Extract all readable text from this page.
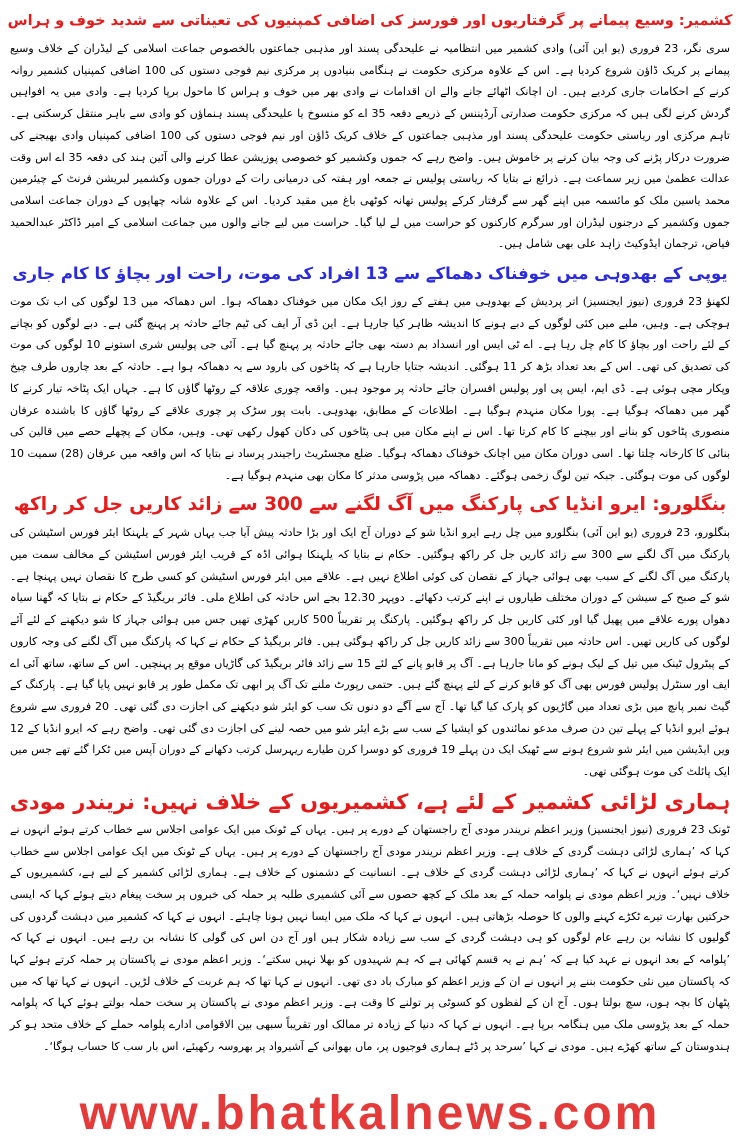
کشمیر: وسیع پیمانے پر گرفتاریوں اور فورسز کی اضافی کمپنیوں کی تعیناتی سے شدید خوف و ہراس

سری نگر، 23 فروری (یو این آئی) وادی کشمیر میں انتظامیہ نے علیحدگی پسند اور مذہبی جماعتوں بالخصوص جماعت اسلامی کے لیڈران کے خلاف وسیع پیمانے پر کریک ڈاؤن شروع کردیا ہے۔ اس کے علاوہ مرکزی حکومت نے ہنگامی بنیادوں پر مرکزی نیم فوجی دستوں کی 100 اضافی کمپنیاں کشمیر روانہ کرنے کے احکامات جاری کردیے ہیں۔ ان اچانک اٹھائے جانے والے ان اقدامات نے وادی بھر میں خوف و ہراس کا ماحول برپا کردیا ہے۔ وادی میں یہ افواہیں گردش کرنے لگی ہیں کہ مرکزی حکومت صدارتی آرڈیننس کے ذریعے دفعہ 35 اے کو منسوخ یا علیحدگی پسند ہنماؤں کو وادی سے باہر منتقل کرسکتی ہے۔ تاہم مرکزی اور ریاستی حکومت علیحدگی پسند اور مذہبی جماعتوں کے خلاف کریک ڈاؤن اور نیم فوجی دستوں کی 100 اضافی کمپنیاں وادی بھیجنے کی ضرورت درکار پڑنے کی وجہ بیان کرنے پر خاموش ہیں۔ واضح رہے کہ جموں وکشمیر کو خصوصی پوزیشن عطا کرنے والی آئین ہند کی دفعہ 35 اے اس وقت عدالت عظمیٰ میں زیر سماعت ہے۔ ذرائع نے بتایا کہ ریاستی پولیس نے جمعہ اور ہفتہ کی درمیانی رات کے دوران جموں وکشمیر لبریشن فرنٹ کے چیئرمین محمد یاسین ملک کو مائسمہ میں اپنے گھر سے گرفتار کرکے پولیس تھانہ کوٹھی باغ میں مقید کردیا۔ اس کے علاوہ شانہ چھاپوں کے دوران جماعت اسلامی جموں وکشمیر کے درجنوں لیڈران اور سرگرم کارکنوں کو حراست میں لے لیا گیا۔ حراست میں لیے جانے والوں میں جماعت اسلامی کے امیر ڈاکٹر عبدالحمید فیاض، ترجمان ایڈوکیٹ زاہد علی بھی شامل ہیں۔

یوپی کے بھدوہی میں خوفناک دھماکے سے 13 افراد کی موت، راحت اور بچاؤ کا کام جاری

لکھنؤ 23 فروری (نیوز ایجنسیز) اتر پردیش کے بھدوہی میں ہفتے کے روز ایک مکان میں خوفناک دھماکہ ہوا۔ اس دھماکہ میں 13 لوگوں کی اب تک موت ہوچکی ہے۔ وہیں، ملبے میں کئی لوگوں کے دبے ہونے کا اندیشہ ظاہر کیا جارہا ہے۔ این ڈی آر ایف کی ٹیم جائے حادثہ پر پہنچ گئی ہے۔ دبے لوگوں کو بچانے کے لئے راحت اور بچاؤ کا کام چل رہا ہے۔ اے ٹی ایس اور انسداد بم دستہ بھی جائے حادثہ پر پہنچ گیا ہے۔ آئی جی پولیس شری استونے 10 لوگوں کی موت کی تصدیق کی تھی۔ اس کے بعد تعداد بڑھ کر 11 ہوگئی۔ اندیشہ جتایا جارہا ہے کہ پٹاخوں کی بارود سے یہ دھماکہ ہوا ہے۔ حادثہ کے بعد چاروں طرف چیخ وپکار مچی ہوئی ہے۔ ڈی ایم، ایس پی اور پولیس افسران جائے حادثہ پر موجود ہیں۔ واقعہ چوری علاقہ کے روٹھا گاؤں کا ہے۔ جہاں ایک پٹاخہ تیار کرنے کا گھر میں دھماکہ ہوگیا ہے۔ پورا مکان منہدم ہوگیا ہے۔ اطلاعات کے مطابق، بھدوہی۔ بابت پور سڑک پر چوری علاقے کے روٹھا گاؤں کا باشندہ عرفان منصوری پٹاخوں کو بنانے اور بیچنے کا کام کرتا تھا۔ اس نے اپنے مکان میں ہی پٹاخوں کی دکان کھول رکھی تھی۔ وہیں، مکان کے پچھلے حصے میں قالین کی بنائی کا کارخانہ چلتا تھا۔ اسی دوران مکان میں اچانک خوفناک دھماکہ ہوگیا۔ ضلع مجسٹریٹ راجیندر پرساد نے بتایا کہ اس واقعہ میں عرفان (28) سمیت 10 لوگوں کی موت ہوگئی۔ جبکہ تین لوگ زخمی ہوگئے۔ دھماکہ میں پڑوسی مدثر کا مکان بھی منہدم ہوگیا ہے۔

بنگلورو: ایرو انڈیا کی پارکنگ میں آگ لگنے سے 300 سے زائد کاریں جل کر راکھ

بنگلورو، 23 فروری (یو این آئی) بنگلورو میں چل رہے ایرو انڈیا شو کے دوران آج ایک اور بڑا حادثہ پیش آیا جب یہاں شہر کے یلہنکا ایئر فورس اسٹیشن کی پارکنگ میں آگ لگنے سے 300 سے زائد کاریں جل کر راکھ ہوگئیں۔ حکام نے بتایا کہ یلہنکا ہوائی اڈہ کے قریب ایئر فورس اسٹیشن کے مخالف سمت میں پارکنگ میں آگ لگنے کے سبب بھی ہوائی جہاز کے نقصان کی کوئی اطلاع نہیں ہے۔ علاقے میں ایئر فورس اسٹیشن کو کسی طرح کا نقصان نہیں پہنچا ہے۔ شو کے صبح کے سیشن کے دوران مختلف طیاروں نے اپنے کرتب دکھائے۔ دوپہر 12.30 بجے اس حادثہ کی اطلاع ملی۔ فائر بریگیڈ کے حکام نے بتایا کہ گھنا سیاہ دھواں پورے علاقے میں پھیل گیا اور کئی کاریں جل کر راکھ ہوگئیں۔ پارکنگ پر تقریباً 500 کاریں کھڑی تھیں جس میں ہوائی جہاز کا شو دیکھنے کے لئے آئے لوگوں کی کاریں تھیں۔ اس حادثہ میں تقریباً 300 سے زائد کاریں جل کر راکھ ہوگئی ہیں۔ فائر بریگیڈ کے حکام نے کہا کہ پارکنگ میں آگ لگنے کی وجہ کاروں کے پیٹرول ٹینک میں تیل کے لیک ہونے کو مانا جارہا ہے۔ آگ پر قابو پانے کے لئے 15 سے زائد فائر بریگیڈ کی گاڑیاں موقع پر پہنچیں۔ اس کے ساتھ، ساتھ آئی اے ایف اور سنٹرل پولیس فورس بھی آگ کو قابو کرنے کے لئے پہنچ گئے ہیں۔ حتمی رپورٹ ملنے تک آگ پر ابھی تک مکمل طور پر قابو نہیں پایا گیا ہے۔ پارکنگ کے گیٹ نمبر پانچ میں بڑی تعداد میں گاڑیوں کو پارک کیا گیا تھا۔ آج سے آگے دو دنوں تک سب کو ایئر شو دیکھنے کی اجازت دی گئی تھی۔ 20 فروری سے شروع ہوئے ایرو انڈیا کے پہلے تین دن صرف مدعو نمائندوں کو ایشیا کے سب سے بڑے ایئر شو میں حصہ لینے کی اجازت دی گئی تھی۔ واضح رہے کہ ایرو انڈیا کے 12 ویں ایڈیشن میں ایئر شو شروع ہونے سے ٹھیک ایک دن پہلے 19 فروری کو دوسرا کرن طیارے ریہرسل کرتب دکھانے کے دوران آپس میں ٹکرا گئے تھے جس میں ایک پائلٹ کی موت ہوگئی تھی۔

ہماری لڑائی کشمیر کے لئے ہے، کشمیریوں کے خلاف نہیں: نریندر مودی

ٹونک 23 فروری (نیوز ایجنسیز) وزیر اعظم نریندر مودی آج راجستھان کے دورے پر ہیں۔ یہاں کے ٹونک میں ایک عوامی اجلاس سے خطاب کرتے ہوئے انہوں نے کہا کہ ’ہماری لڑائی دہشت گردی کے خلاف ہے۔ وزیر اعظم نریندر مودی آج راجستھان کے دورے پر ہیں۔ یہاں کے ٹونک میں ایک عوامی اجلاس سے خطاب کرتے ہوئے انہوں نے کہا کہ ’ہماری لڑائی دہشت گردی کے خلاف ہے۔ انسانیت کے دشمنوں کے خلاف ہے۔ ہماری لڑائی کشمیر کے لیے ہے، کشمیریوں کے خلاف نہیں‘۔ وزیر اعظم مودی نے پلوامہ حملہ کے بعد ملک کے کچھ حصوں سے آئی کشمیری طلبہ پر حملہ کی خبروں پر سخت پیغام دیتے ہوئے کہا کہ ایسی حرکتیں بھارت تیرے ٹکڑے کہنے والوں کا حوصلہ بڑھاتی ہیں۔ انہوں نے کہا کہ ملک میں ایسا نہیں ہونا چاہئے۔ انہوں نے کہا کہ کشمیر میں دہشت گردوں کی گولیوں کا نشانہ بن رہے عام لوگوں کو ہی دہشت گردی کے سب سے زیادہ شکار ہیں اور آج دن اس کی گولی کا نشانہ بن رہے ہیں۔ انہوں نے کہا کہ ’پلوامہ کے بعد انہوں نے عہد کیا ہے کہ ’ہم نے یہ قسم کھائی ہے کہ ہم شہیدوں کو بھلا نہیں سکتے‘۔ وزیر اعظم مودی نے پاکستان پر حملہ کرتے ہوئے کہا کہ پاکستان میں نئی حکومت بننے پر انہوں نے ان کے وزیر اعظم کو مبارک باد دی تھی۔ انہوں نے کہا تھا کہ ہم غربت کے خلاف لڑیں۔ انہوں نے کہا تھا کہ میں پٹھان کا بچہ ہوں، سچ بولتا ہوں۔ آج ان کے لفظوں کو کسوٹی پر تولنے کا وقت ہے۔ وزیر اعظم مودی نے پاکستان پر سخت حملہ بولتے ہوئے کہا کہ پلوامہ حملہ کے بعد پڑوسی ملک میں ہنگامہ برپا ہے۔ انہوں نے کہا کہ دنیا کے زیادہ تر ممالک اور تقریباً سبھی بین الاقوامی ادارے پلوامہ حملے کے خلاف متحد ہو کر ہندوستان کے ساتھ کھڑے ہیں۔ مودی نے کہا ’سرحد پر ڈٹے ہماری فوجیوں پر، ماں بھوانی کے آشیرواد پر بھروسہ رکھیئے، اس بار سب کا حساب ہوگا‘۔

www.bhatkalnews.com
